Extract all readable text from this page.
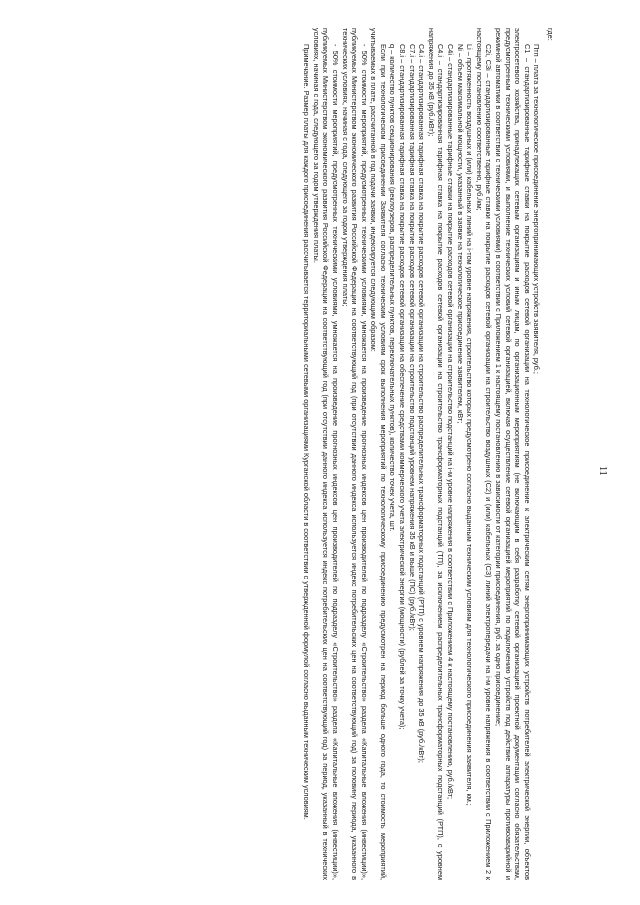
11

где:

Птп – плата за технологическое присоединение энергопринимающих устройств заявителя, руб.;

C1 – стандартизированные тарифные ставки на покрытие расходов сетевой организации на технологическое присоединение к электрическим сетям энергопринимающих устройств потребителей электрической энергии, объектов электросетевого хозяйства, принадлежащих сетевым организациям и иным лицам, по организационным мероприятиям (не включающим в себя разработку сетевой организацией проектной документации согласно обязательствам, предусмотренным техническими условиями, и выполнение технических условий сетевой организацией, включая осуществление сетевой организацией мероприятий по подключению устройств под действие аппаратуры противоаварийной и режимной автоматики в соответствии с техническими условиями) в соответствии с Приложением 1 к настоящему постановлению в зависимости от категории присоединения, руб. за одно присоединение;

C2i, C3i – стандартизированные тарифные ставки на покрытие расходов сетевой организации на строительство воздушных (С2) и (или) кабельных (С3) линий электропередачи на i-м уровне напряжения в соответствии с Приложением 2 к настоящему постановлению соответственно, руб./км;

Li – протяженность воздушных и (или) кабельных линий на i-том уровне напряжения, строительство которых предусмотрено согласно выданным техническим условиям для технологического присоединения заявителя, км.;

Ni – объем максимальной мощности, указанный в заявке на технологическое присоединение заявителем, кВт;

C4i – стандартизированные тарифные ставки на покрытие расходов сетевой организации на строительство подстанций на i-м уровне напряжения в соответствии с Приложением 4 к настоящему постановлению, руб./кВт;

C4.i – стандартизированная тарифная ставка на покрытие расходов сетевой организации на строительство трансформаторных подстанций (ТП), за исключением распределительных трансформаторных подстанций (РТП), с уровнем напряжения до 35 кВ (руб./кВт);

C4.i – стандартизированная тарифная ставка на покрытие расходов сетевой организации на строительство распределительных трансформаторных подстанций (РТП) с уровнем напряжения до 35 кВ (руб./кВт);

C7.i – стандартизированная тарифная ставка на покрытие расходов сетевой организации на строительство подстанций уровнем напряжения 35 кВ и выше (ПС) (руб./кВт);

C8.i – стандартизированная тарифная ставка на покрытие расходов сетевой организации на обеспечение средствами коммерческого учета электрической энергии (мощности) (рублей за точку учета);

q – количество пунктов секционирования (реклоузеров, распределительных пунктов, переключательных пунктов), количество точек учета, шт.

Если при технологическом присоединении Заявителя согласно техническим условиям срок выполнения мероприятий по технологическому присоединению предусмотрен на период больше одного года, то стоимость мероприятий, учитываемых в плате, рассчитанной в год подачи заявки, индексируется следующим образом:

- 50% стоимости мероприятий, предусмотренных техническими условиями, умножается на произведение прогнозных индексов цен производителей по подразделу «Строительство» раздела «Капитальные вложения (инвестиции)», публикуемых Министерством экономического развития Российской Федерации на соответствующий год (при отсутствии данного индекса используется индекс потребительских цен на соответствующий год) за половину периода, указанного в технических условиях, начиная с года, следующего за годом утверждения платы;

- 50% стоимости мероприятий, предусмотренных техническими условиями, умножается на произведение прогнозных индексов цен производителей по подразделу «Строительство» раздела «Капитальные вложения (инвестиции)», публикуемых Министерством экономического развития Российской Федерации на соответствующий год (при отсутствии данного индекса используется индекс потребительских цен на соответствующий год) за период, указанный в технических условиях, начиная с года, следующего за годом утверждения платы.

Примечание. Размер платы для каждого присоединения рассчитывается территориальными сетевыми организациями Курганской области в соответствии с утвержденной формулой согласно выданным техническим условиям.
